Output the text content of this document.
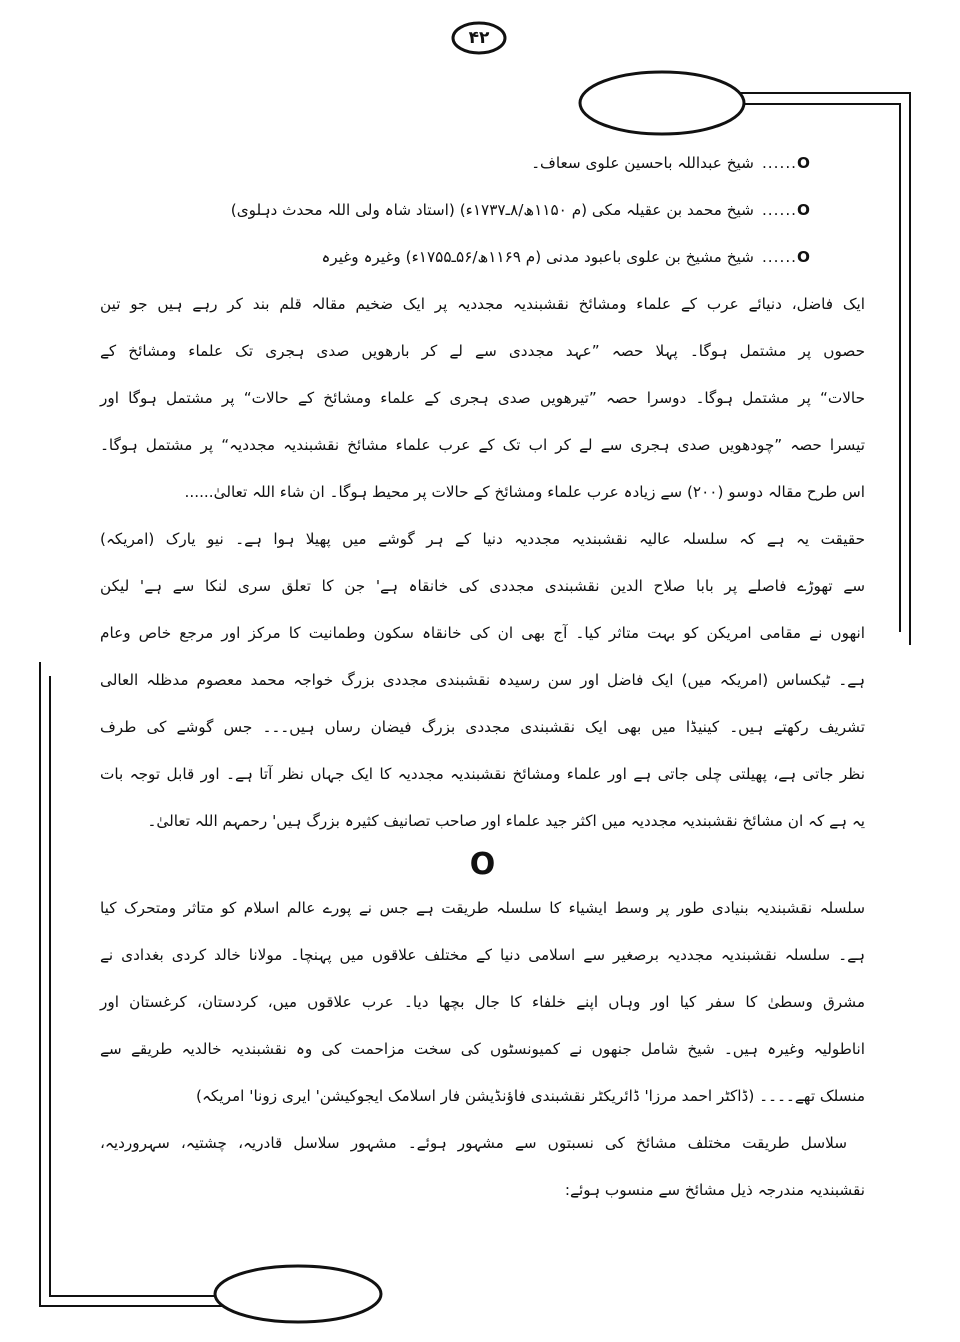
۴۲
O......شیخ عبداللہ باحسین علوی سعاف۔
O......شیخ محمد بن عقیلہ مکی (م ۱۱۵۰ھ/۸ـ۱۷۳۷ء) (استاد شاہ ولی اللہ محدث دہلوی)
O......شیخ مشیخ بن علوی باعبود مدنی (م ۱۱۶۹ھ/۵۶ـ۱۷۵۵ء) وغیرہ وغیرہ
ایک فاضل، دنیائے عرب کے علماء ومشائخ نقشبندیہ مجددیہ پر ایک ضخیم مقالہ قلم بند کر رہے ہیں جو تین
حصوں پر مشتمل ہوگا۔ پہلا حصہ ”عہد مجددی سے لے کر بارھویں صدی ہجری تک علماء ومشائخ کے
حالات“ پر مشتمل ہوگا۔ دوسرا حصہ ”تیرھویں صدی ہجری کے علماء ومشائخ کے حالات“ پر مشتمل ہوگا اور
تیسرا حصہ ”چودھویں صدی ہجری سے لے کر اب تک کے عرب علماء مشائخ نقشبندیہ مجددیہ“ پر مشتمل ہوگا۔
اس طرح مقالہ دوسو (۲۰۰) سے زیادہ عرب علماء ومشائخ کے حالات پر محیط ہوگا۔ ان شاء اللہ تعالیٰ......
حقیقت یہ ہے کہ سلسلہ عالیہ نقشبندیہ مجددیہ دنیا کے ہر گوشے میں پھیلا ہوا ہے۔ نیو یارک (امریکہ)
سے تھوڑے فاصلے پر بابا صلاح الدین نقشبندی مجددی کی خانقاہ ہے' جن کا تعلق سری لنکا سے ہے' لیکن
انھوں نے مقامی امریکن کو بہت متاثر کیا۔ آج بھی ان کی خانقاہ سکون وطمانیت کا مرکز اور مرجع خاص وعام
ہے۔ ٹیکساس (امریکہ میں) ایک فاضل اور سن رسیدہ نقشبندی مجددی بزرگ خواجہ محمد معصوم مدظلہ العالی
تشریف رکھتے ہیں۔ کینیڈا میں بھی ایک نقشبندی مجددی بزرگ فیضان رساں ہیں۔۔۔ جس گوشے کی طرف
نظر جاتی ہے، پھیلتی چلی جاتی ہے اور علماء ومشائخ نقشبندیہ مجددیہ کا ایک جہاں نظر آتا ہے۔ اور قابل توجہ بات
یہ ہے کہ ان مشائخ نقشبندیہ مجددیہ میں اکثر جید علماء اور صاحب تصانیف کثیرہ بزرگ ہیں' رحمہم اللہ تعالیٰ۔
O
سلسلہ نقشبندیہ بنیادی طور پر وسط ایشیاء کا سلسلہ طریقت ہے جس نے پورے عالم اسلام کو متاثر ومتحرک کیا
ہے۔ سلسلہ نقشبندیہ مجددیہ برصغیر سے اسلامی دنیا کے مختلف علاقوں میں پہنچا۔ مولانا خالد کردی بغدادی نے
مشرق وسطیٰ کا سفر کیا اور وہاں اپنے خلفاء کا جال بچھا دیا۔ عرب علاقوں میں، کردستان، کرغستان اور
اناطولیہ وغیرہ ہیں۔ شیخ شامل جنھوں نے کمیونسٹوں کی سخت مزاحمت کی وہ نقشبندیہ خالدیہ طریقے سے
منسلک تھے۔۔۔۔ (ڈاکٹر احمد مرزا' ڈائریکٹر نقشبندی فاؤنڈیشن فار اسلامک ایجوکیشن' ایری زونا' امریکہ)
سلاسل طریقت مختلف مشائخ کی نسبتوں سے مشہور ہوئے۔ مشہور سلاسل قادریہ، چشتیہ، سہروردیہ،
نقشبندیہ مندرجہ ذیل مشائخ سے منسوب ہوئے:
